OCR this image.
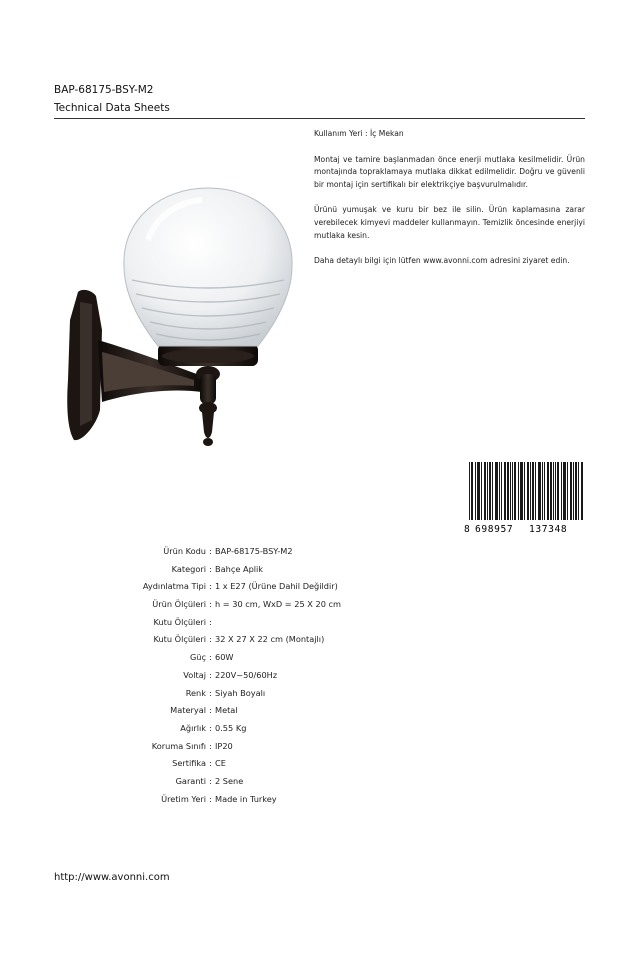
BAP-68175-BSY-M2
Technical Data Sheets

Kullanım Yeri : İç Mekan

Montaj ve tamire başlanmadan önce enerji mutlaka kesilmelidir. Ürün montajında topraklamaya mutlaka dikkat edilmelidir. Doğru ve güvenli bir montaj için sertifikalı bir elektrikçiye başvurulmalıdır.

Ürünü yumuşak ve kuru bir bez ile silin. Ürün kaplamasına zarar verebilecek kimyevi maddeler kullanmayın. Temizlik öncesinde enerjiyi mutlaka kesin.

Daha detaylı bilgi için lütfen www.avonni.com adresini ziyaret edin.

8 698957 137348
Ürün Kodu : BAP-68175-BSY-M2
Kategori : Bahçe Aplik
Aydınlatma Tipi : 1 x E27 (Ürüne Dahil Değildir)
Ürün Ölçüleri : h = 30 cm, WxD = 25 X 20 cm
Kutu Ölçüleri :
Kutu Ölçüleri : 32 X 27 X 22 cm (Montajlı)
Güç : 60W
Voltaj : 220V~50/60Hz
Renk : Siyah Boyalı
Materyal : Metal
Ağırlık : 0.55 Kg
Koruma Sınıfı : IP20
Sertifika : CE
Garanti : 2 Sene
Üretim Yeri : Made in Turkey
http://www.avonni.com
